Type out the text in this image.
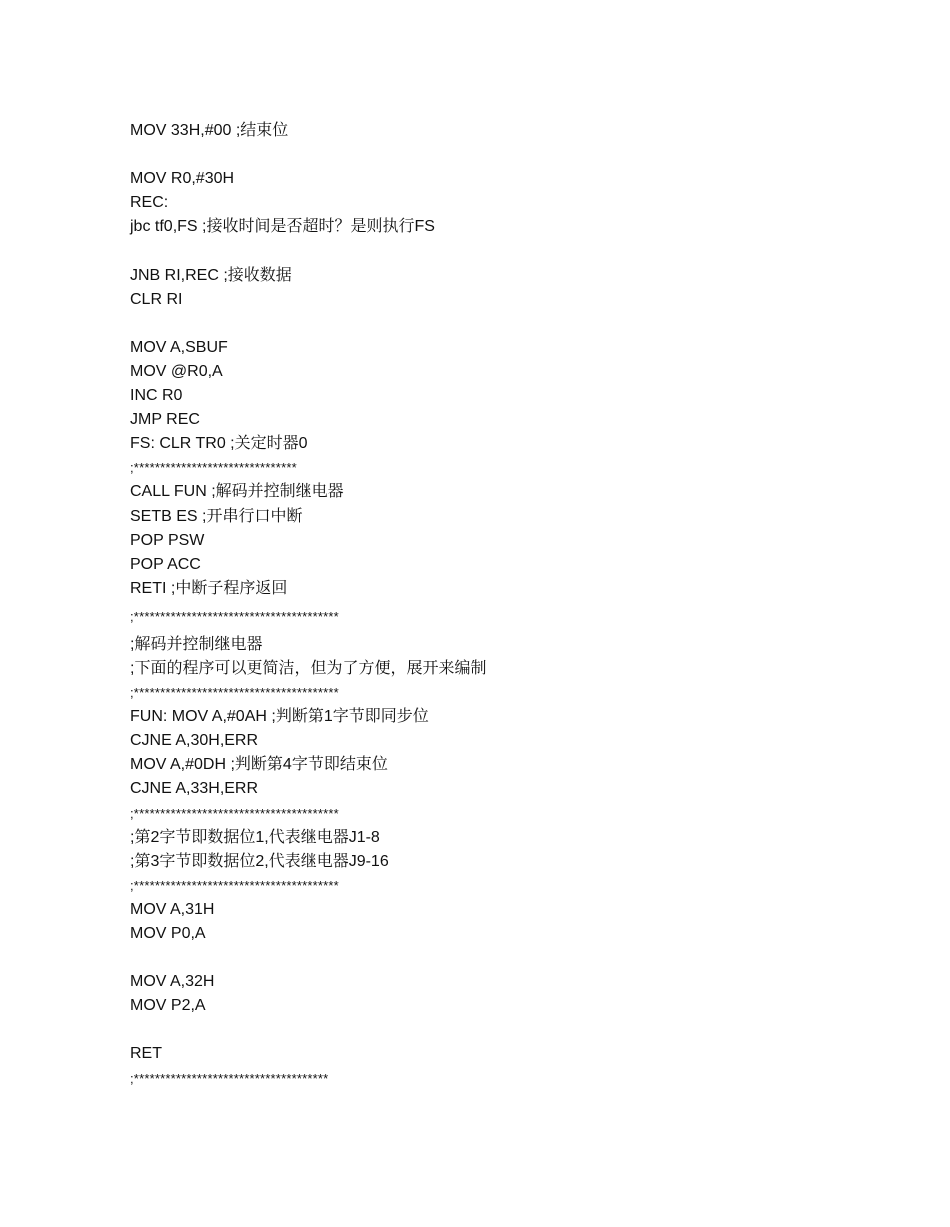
MOV 33H,#00 ;结束位
MOV R0,#30H
REC:
jbc tf0,FS ;接收时间是否超时？是则执行FS
JNB RI,REC ;接收数据
CLR RI
MOV A,SBUF
MOV @R0,A
INC R0
JMP REC
FS: CLR TR0 ;关定时器0
;*******************************
CALL FUN ;解码并控制继电器
SETB ES ;开串行口中断
POP PSW
POP ACC
RETI ;中断子程序返回
;***************************************
;解码并控制继电器
;下面的程序可以更简洁，但为了方便，展开来编制
;***************************************
FUN: MOV A,#0AH ;判断第1字节即同步位
CJNE A,30H,ERR
MOV A,#0DH ;判断第4字节即结束位
CJNE A,33H,ERR
;***************************************
;第2字节即数据位1,代表继电器J1-8
;第3字节即数据位2,代表继电器J9-16
;***************************************
MOV A,31H
MOV P0,A
MOV A,32H
MOV P2,A
RET
;*************************************
